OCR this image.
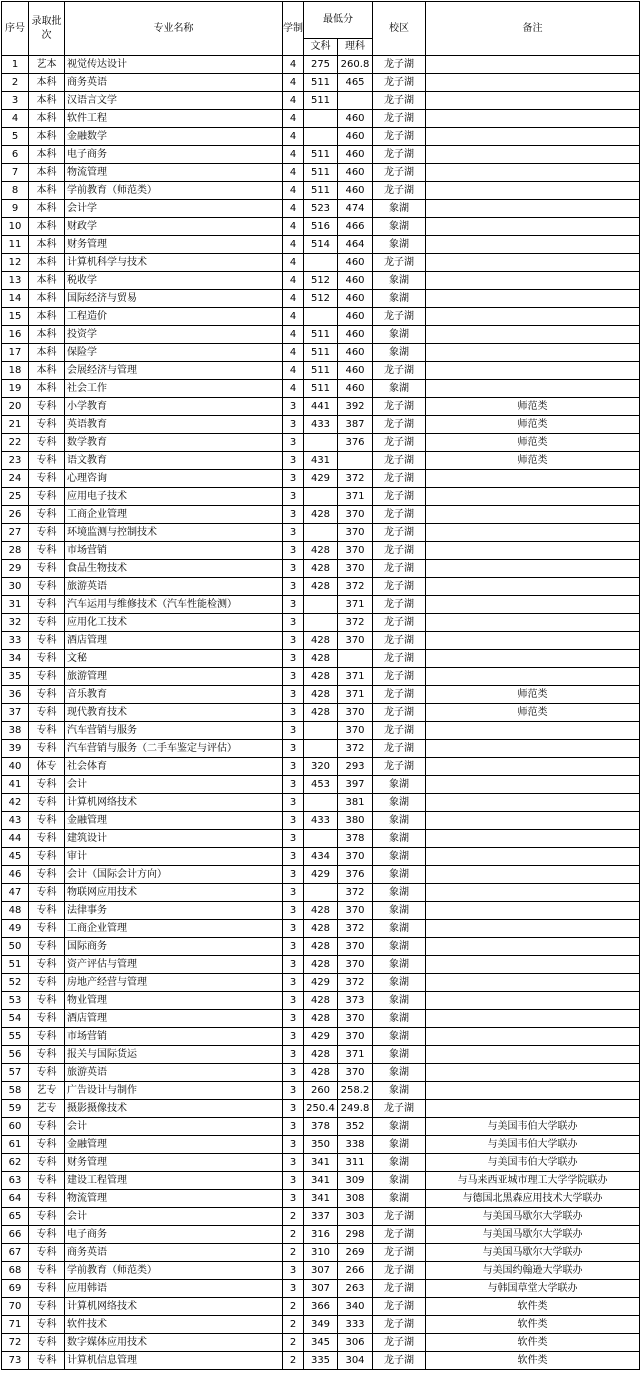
序号	录取批次	专业名称	学制	最低分		校区	备注
				文科	理科		
1	艺本	视觉传达设计	4	275	260.8	龙子湖	
2	本科	商务英语	4	511	465	龙子湖	
3	本科	汉语言文学	4	511		龙子湖	
4	本科	软件工程	4		460	龙子湖	
5	本科	金融数学	4		460	龙子湖	
6	本科	电子商务	4	511	460	龙子湖	
7	本科	物流管理	4	511	460	龙子湖	
8	本科	学前教育（师范类）	4	511	460	龙子湖	
9	本科	会计学	4	523	474	象湖	
10	本科	财政学	4	516	466	象湖	
11	本科	财务管理	4	514	464	象湖	
12	本科	计算机科学与技术	4		460	龙子湖	
13	本科	税收学	4	512	460	象湖	
14	本科	国际经济与贸易	4	512	460	象湖	
15	本科	工程造价	4		460	龙子湖	
16	本科	投资学	4	511	460	象湖	
17	本科	保险学	4	511	460	象湖	
18	本科	会展经济与管理	4	511	460	龙子湖	
19	本科	社会工作	4	511	460	象湖	
20	专科	小学教育	3	441	392	龙子湖	师范类
21	专科	英语教育	3	433	387	龙子湖	师范类
22	专科	数学教育	3		376	龙子湖	师范类
23	专科	语文教育	3	431		龙子湖	师范类
24	专科	心理咨询	3	429	372	龙子湖	
25	专科	应用电子技术	3		371	龙子湖	
26	专科	工商企业管理	3	428	370	龙子湖	
27	专科	环境监测与控制技术	3		370	龙子湖	
28	专科	市场营销	3	428	370	龙子湖	
29	专科	食品生物技术	3	428	370	龙子湖	
30	专科	旅游英语	3	428	372	龙子湖	
31	专科	汽车运用与维修技术（汽车性能检测）	3		371	龙子湖	
32	专科	应用化工技术	3		372	龙子湖	
33	专科	酒店管理	3	428	370	龙子湖	
34	专科	文秘	3	428		龙子湖	
35	专科	旅游管理	3	428	371	龙子湖	
36	专科	音乐教育	3	428	371	龙子湖	师范类
37	专科	现代教育技术	3	428	370	龙子湖	师范类
38	专科	汽车营销与服务	3		370	龙子湖	
39	专科	汽车营销与服务（二手车鉴定与评估）	3		372	龙子湖	
40	体专	社会体育	3	320	293	龙子湖	
41	专科	会计	3	453	397	象湖	
42	专科	计算机网络技术	3		381	象湖	
43	专科	金融管理	3	433	380	象湖	
44	专科	建筑设计	3		378	象湖	
45	专科	审计	3	434	370	象湖	
46	专科	会计（国际会计方向）	3	429	376	象湖	
47	专科	物联网应用技术	3		372	象湖	
48	专科	法律事务	3	428	370	象湖	
49	专科	工商企业管理	3	428	372	象湖	
50	专科	国际商务	3	428	370	象湖	
51	专科	资产评估与管理	3	428	370	象湖	
52	专科	房地产经营与管理	3	429	372	象湖	
53	专科	物业管理	3	428	373	象湖	
54	专科	酒店管理	3	428	370	象湖	
55	专科	市场营销	3	429	370	象湖	
56	专科	报关与国际货运	3	428	371	象湖	
57	专科	旅游英语	3	428	370	象湖	
58	艺专	广告设计与制作	3	260	258.2	象湖	
59	艺专	摄影摄像技术	3	250.4	249.8	龙子湖	
60	专科	会计	3	378	352	象湖	与美国韦伯大学联办
61	专科	金融管理	3	350	338	象湖	与美国韦伯大学联办
62	专科	财务管理	3	341	311	象湖	与美国韦伯大学联办
63	专科	建设工程管理	3	341	309	象湖	与马来西亚城市理工大学学院联办
64	专科	物流管理	3	341	308	象湖	与德国北黑森应用技术大学联办
65	专科	会计	2	337	303	龙子湖	与美国马歇尔大学联办
66	专科	电子商务	2	316	298	龙子湖	与美国马歇尔大学联办
67	专科	商务英语	2	310	269	龙子湖	与美国马歇尔大学联办
68	专科	学前教育（师范类）	3	307	266	龙子湖	与美国约翰逊大学联办
69	专科	应用韩语	3	307	263	龙子湖	与韩国草堂大学联办
70	专科	计算机网络技术	2	366	340	龙子湖	软件类
71	专科	软件技术	2	349	333	龙子湖	软件类
72	专科	数字媒体应用技术	2	345	306	龙子湖	软件类
73	专科	计算机信息管理	2	335	304	龙子湖	软件类
